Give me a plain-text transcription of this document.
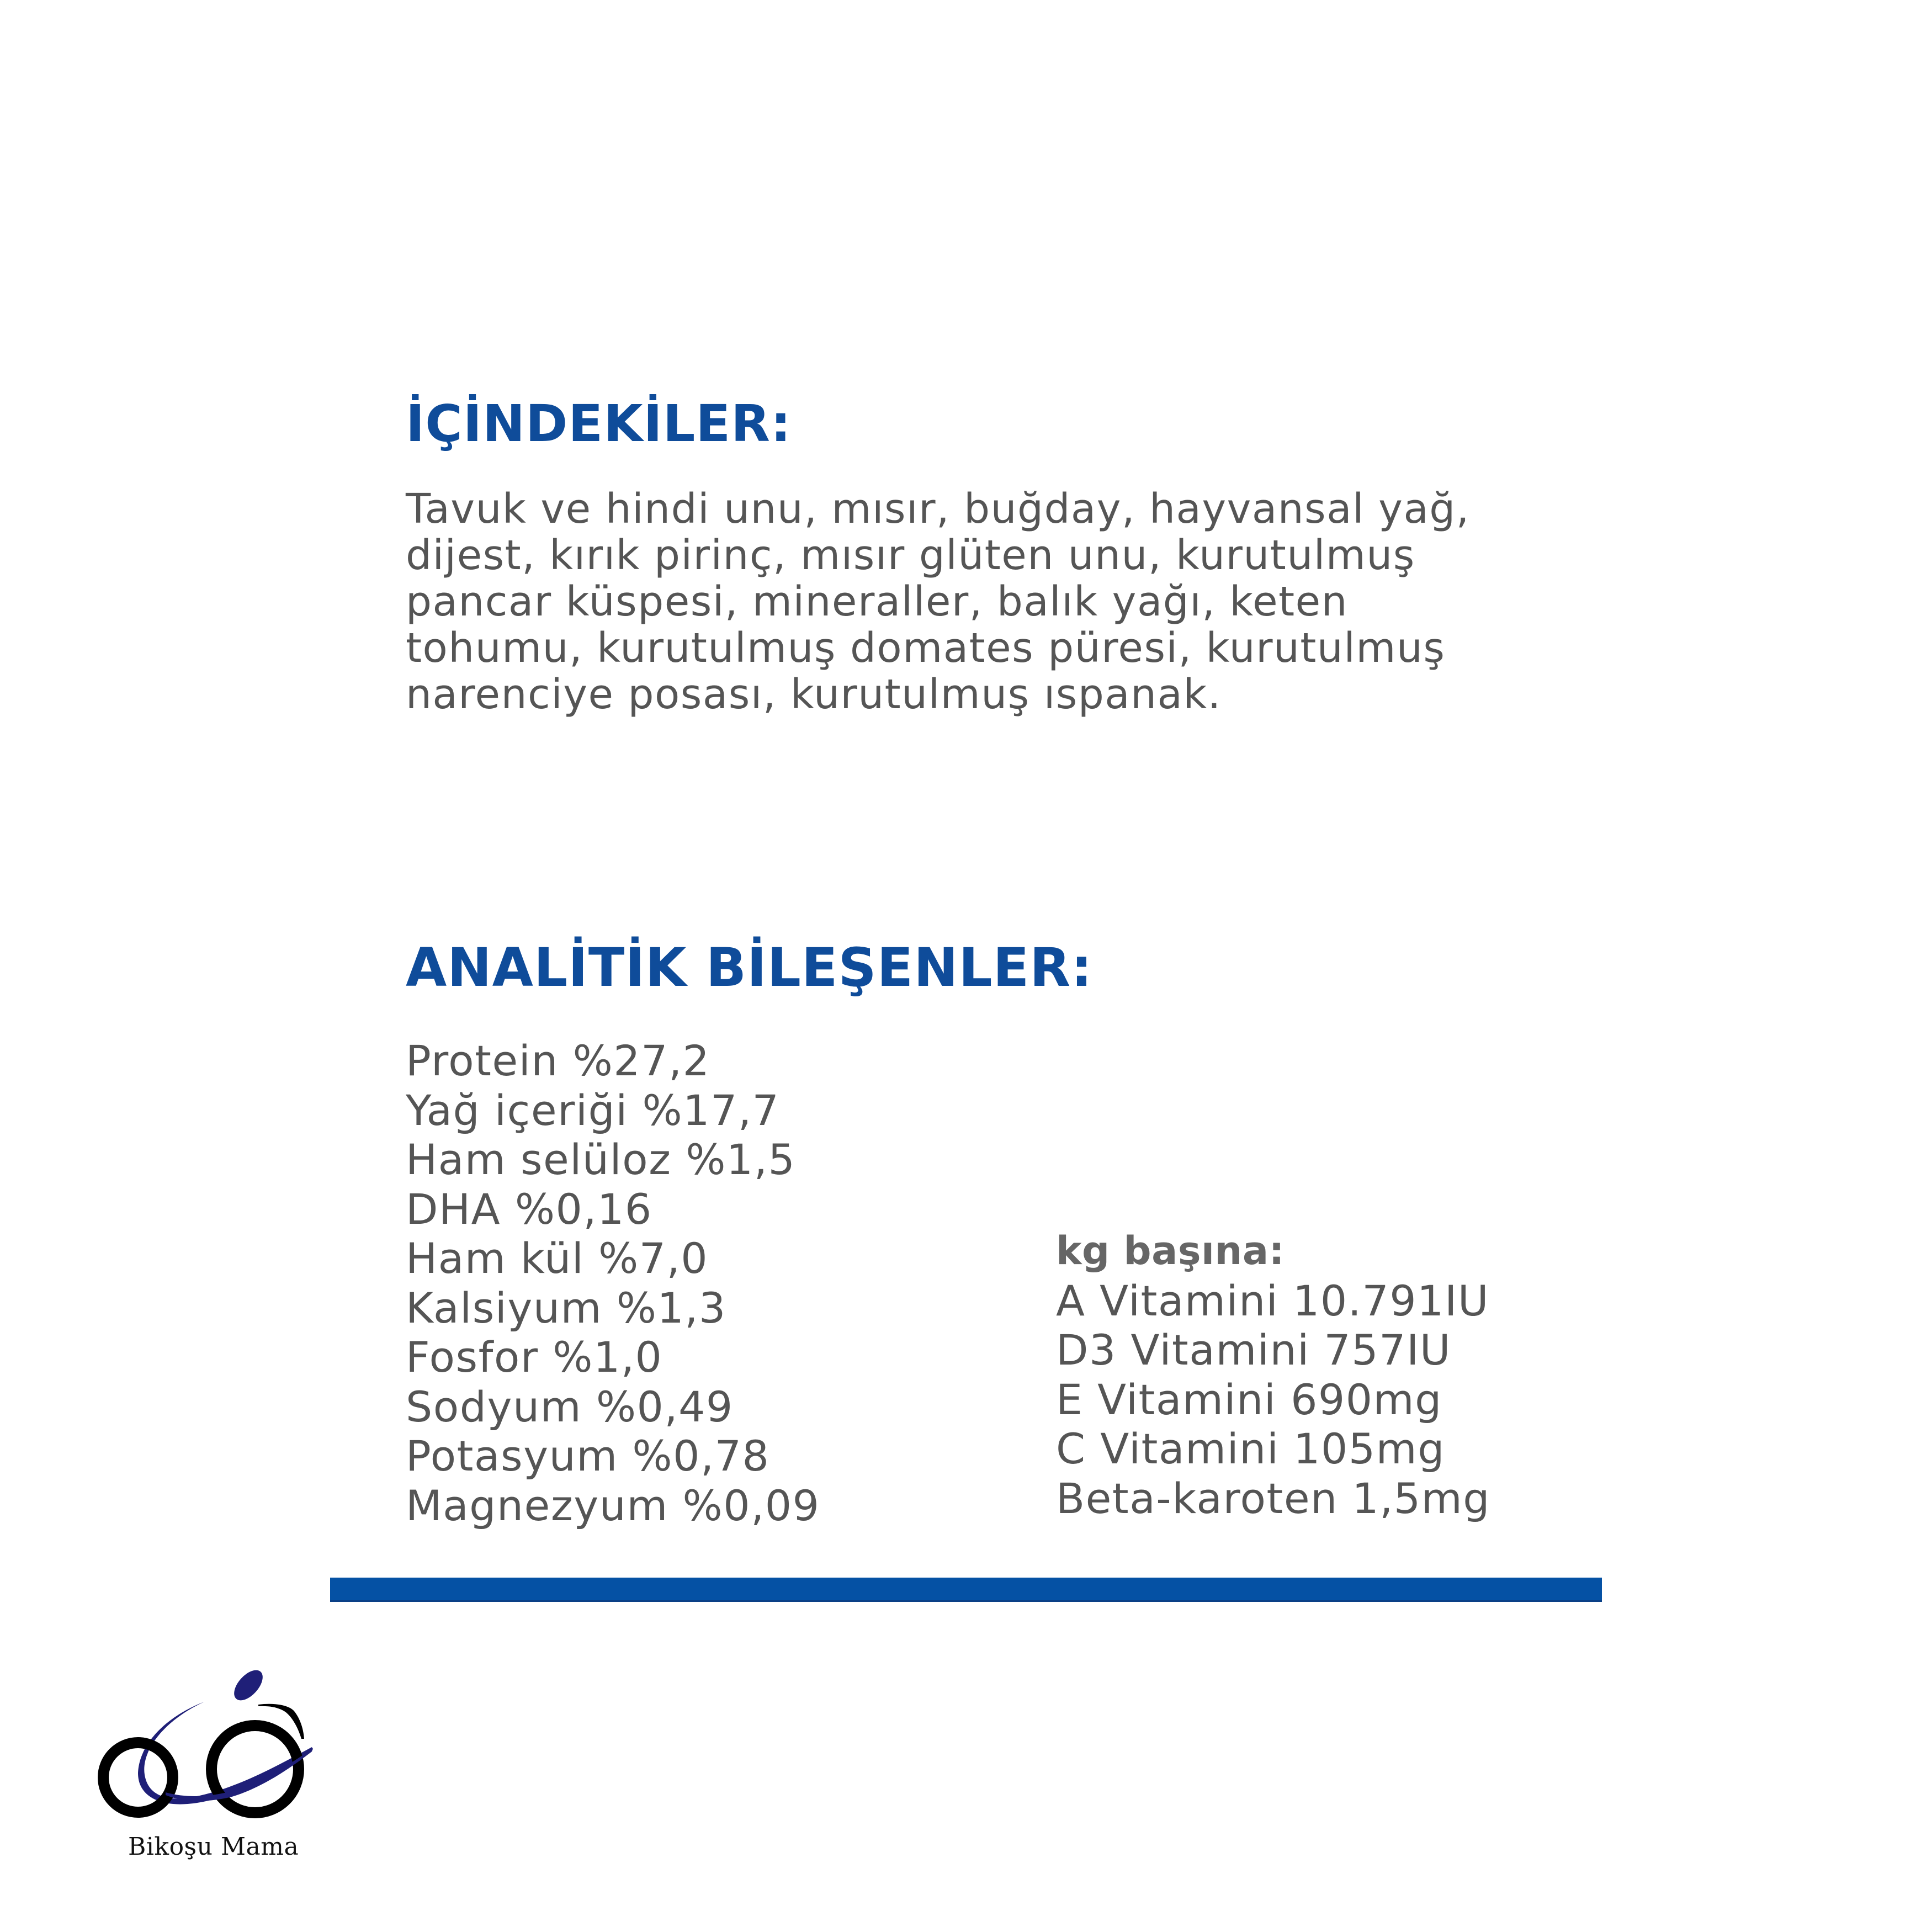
İÇİNDEKİLER:
Tavuk ve hindi unu, mısır, buğday, hayvansal yağ,
dijest, kırık pirinç, mısır glüten unu, kurutulmuş
pancar küspesi, mineraller, balık yağı, keten
tohumu, kurutulmuş domates püresi, kurutulmuş
narenciye posası, kurutulmuş ıspanak.
ANALİTİK BİLEŞENLER:
Protein %27,2
Yağ içeriği %17,7
Ham selüloz %1,5
DHA %0,16
Ham kül %7,0
Kalsiyum %1,3
Fosfor %1,0
Sodyum %0,49
Potasyum %0,78
Magnezyum %0,09
kg başına:
A Vitamini 10.791IU
D3 Vitamini 757IU
E Vitamini 690mg
C Vitamini 105mg
Beta-karoten 1,5mg
Bikoşu Mama
